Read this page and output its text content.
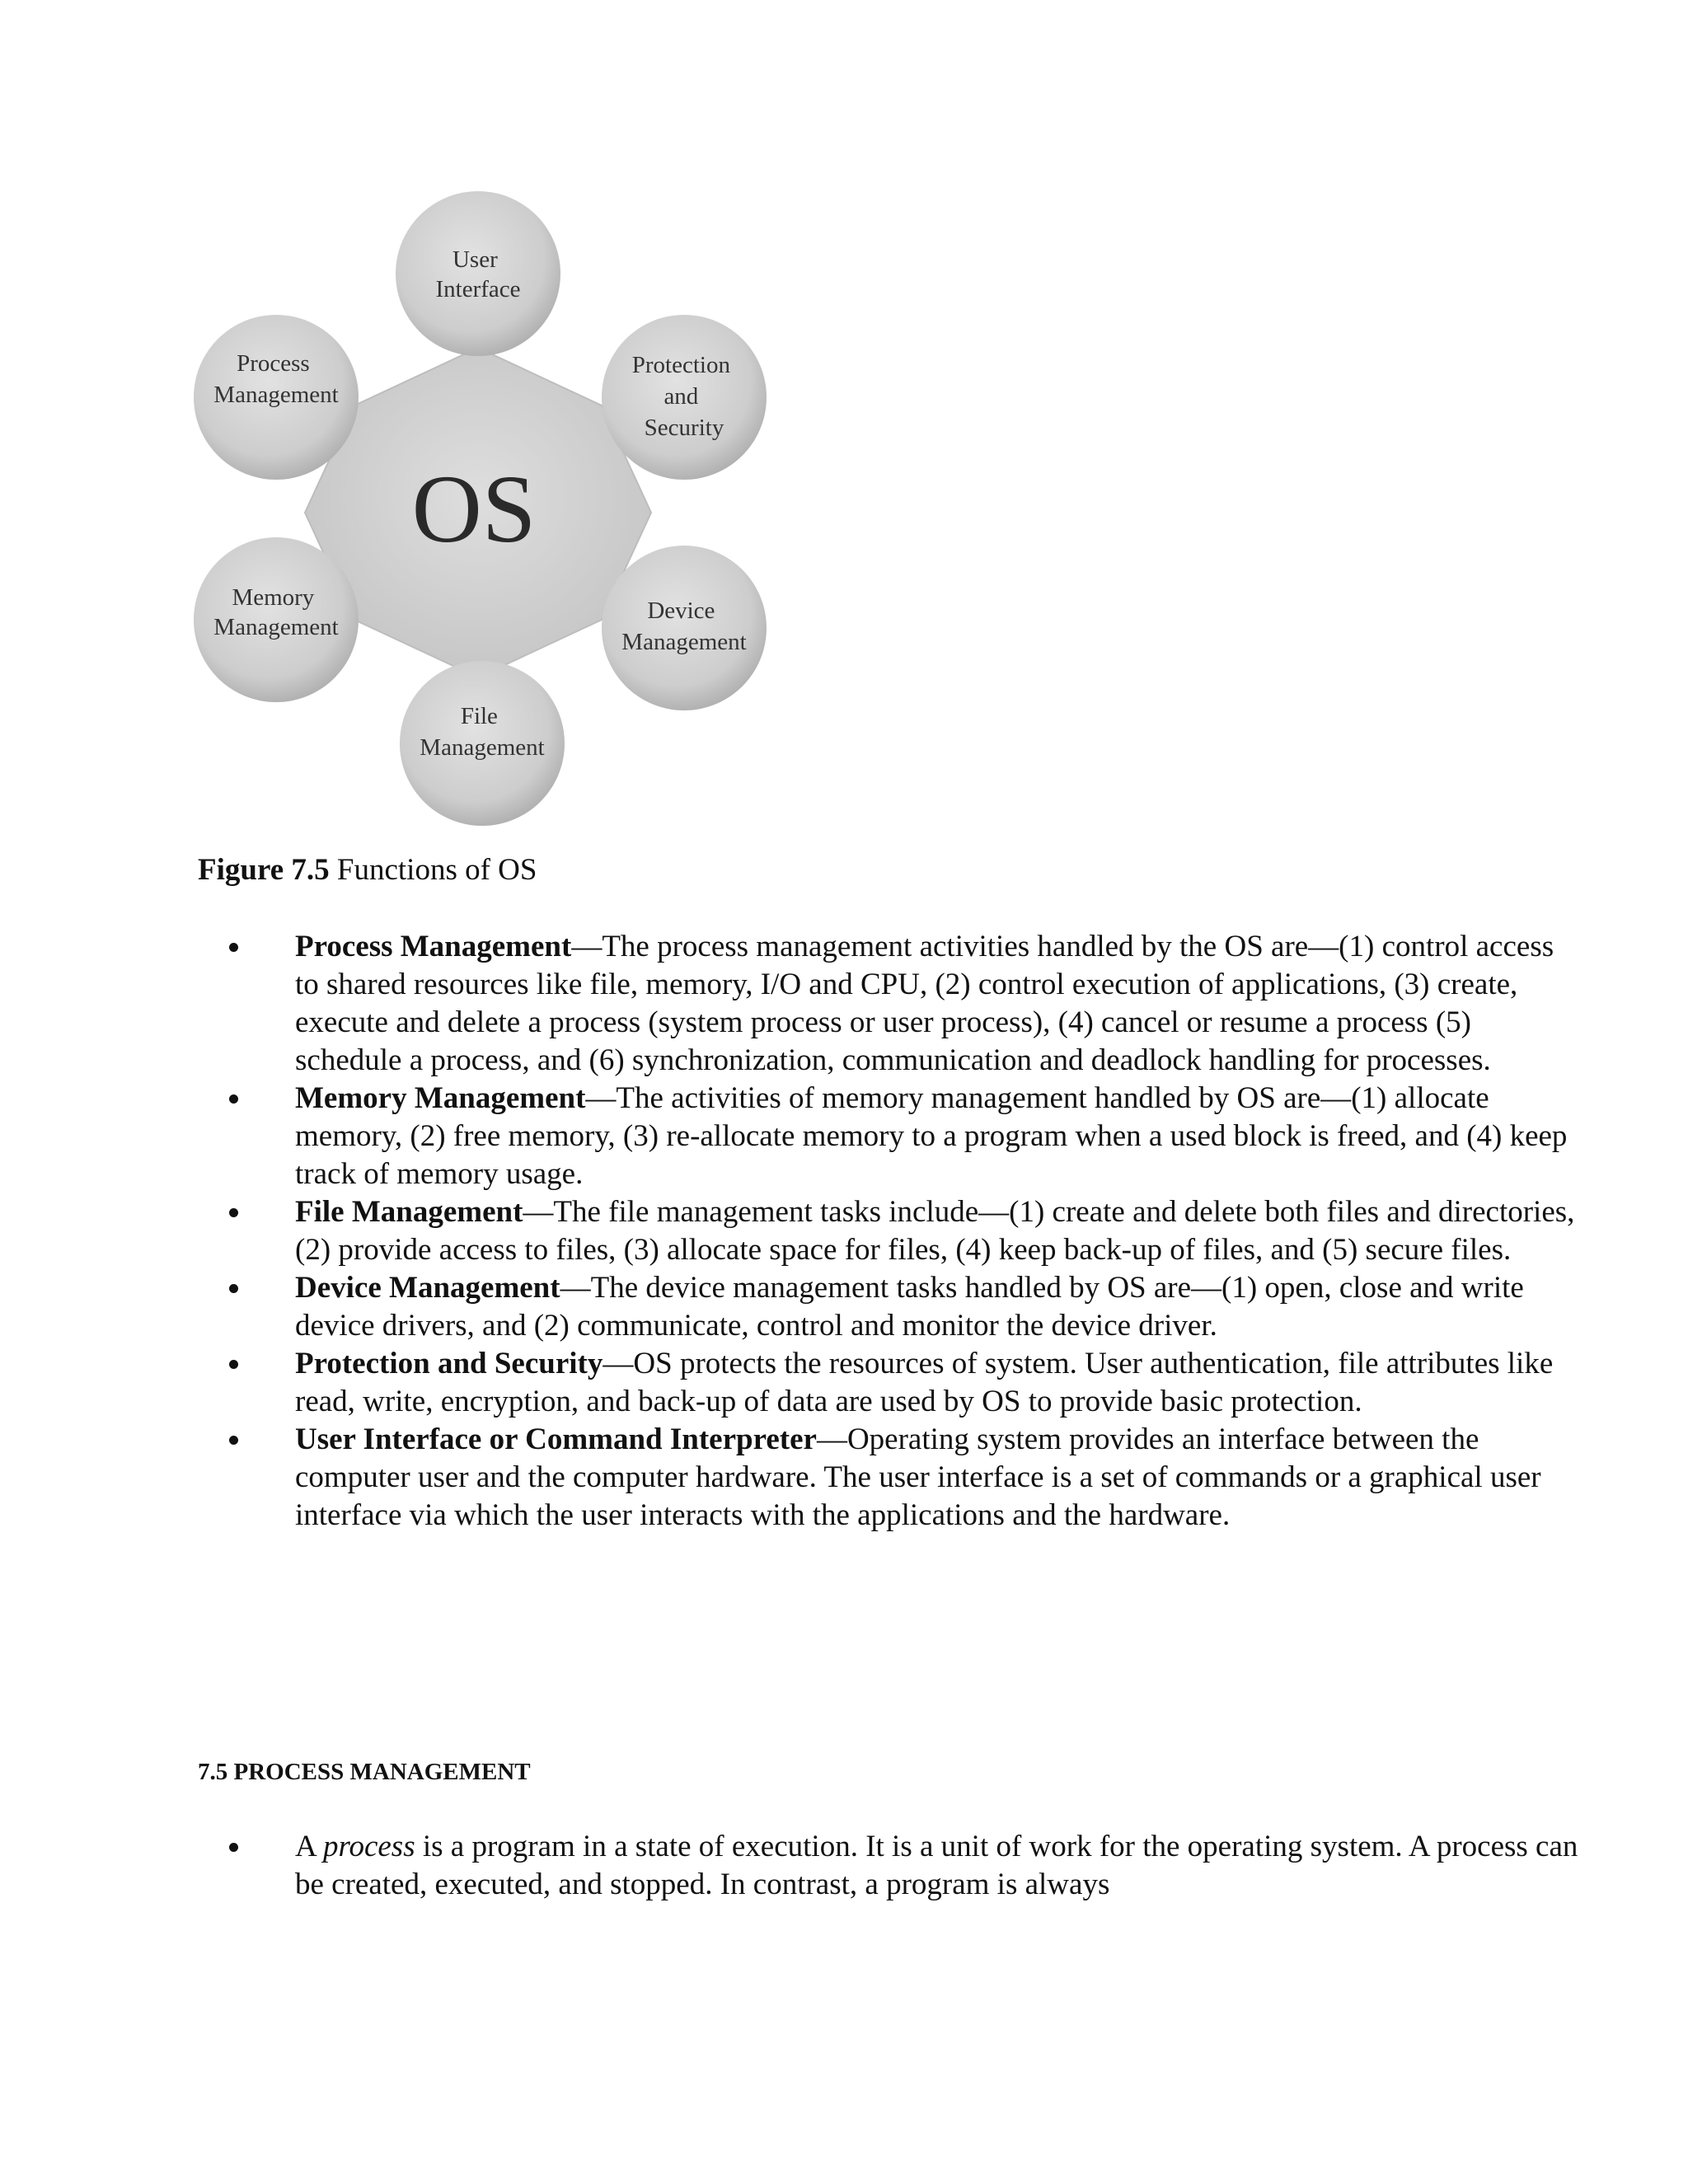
OS
User Interface
Protection and Security
Device Management
File Management
Memory Management
Process Management

Figure 7.5 Functions of OS

Process Management—The process management activities handled by the OS are—(1) control access to shared resources like file, memory, I/O and CPU, (2) control execution of applications, (3) create, execute and delete a process (system process or user process), (4) cancel or resume a process (5) schedule a process, and (6) synchronization, communication and deadlock handling for processes.
Memory Management—The activities of memory management handled by OS are—(1) allocate memory, (2) free memory, (3) re-allocate memory to a program when a used block is freed, and (4) keep track of memory usage.
File Management—The file management tasks include—(1) create and delete both files and directories, (2) provide access to files, (3) allocate space for files, (4) keep back-up of files, and (5) secure files.
Device Management—The device management tasks handled by OS are—(1) open, close and write device drivers, and (2) communicate, control and monitor the device driver.
Protection and Security—OS protects the resources of system. User authentication, file attributes like read, write, encryption, and back-up of data are used by OS to provide basic protection.
User Interface or Command Interpreter—Operating system provides an interface between the computer user and the computer hardware. The user interface is a set of commands or a graphical user interface via which the user interacts with the applications and the hardware.
7.5 PROCESS MANAGEMENT
A process is a program in a state of execution. It is a unit of work for the operating system. A process can be created, executed, and stopped. In contrast, a program is always
